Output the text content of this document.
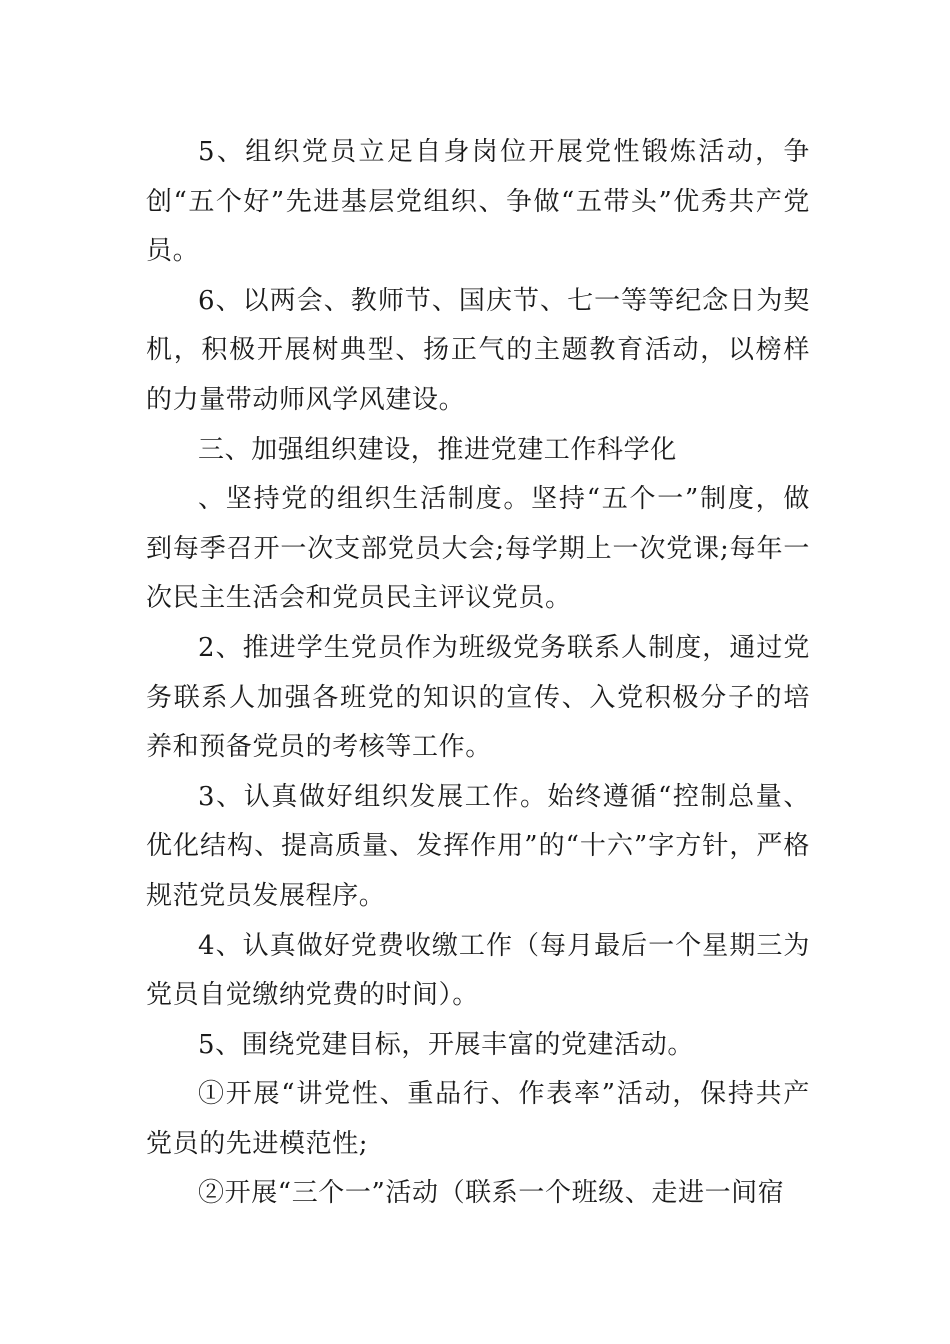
5、组织党员立足自身岗位开展党性锻炼活动，争创“五个好”先进基层党组织、争做“五带头”优秀共产党员。

6、以两会、教师节、国庆节、七一等等纪念日为契机，积极开展树典型、扬正气的主题教育活动，以榜样的力量带动师风学风建设。

三、加强组织建设，推进党建工作科学化

、坚持党的组织生活制度。坚持“五个一”制度，做到每季召开一次支部党员大会;每学期上一次党课;每年一次民主生活会和党员民主评议党员。

2、推进学生党员作为班级党务联系人制度，通过党务联系人加强各班党的知识的宣传、入党积极分子的培养和预备党员的考核等工作。

3、认真做好组织发展工作。始终遵循“控制总量、优化结构、提高质量、发挥作用”的“十六”字方针，严格规范党员发展程序。

4、认真做好党费收缴工作（每月最后一个星期三为党员自觉缴纳党费的时间）。

5、围绕党建目标，开展丰富的党建活动。

①开展“讲党性、重品行、作表率”活动，保持共产党员的先进模范性;

②开展“三个一”活动（联系一个班级、走进一间宿
